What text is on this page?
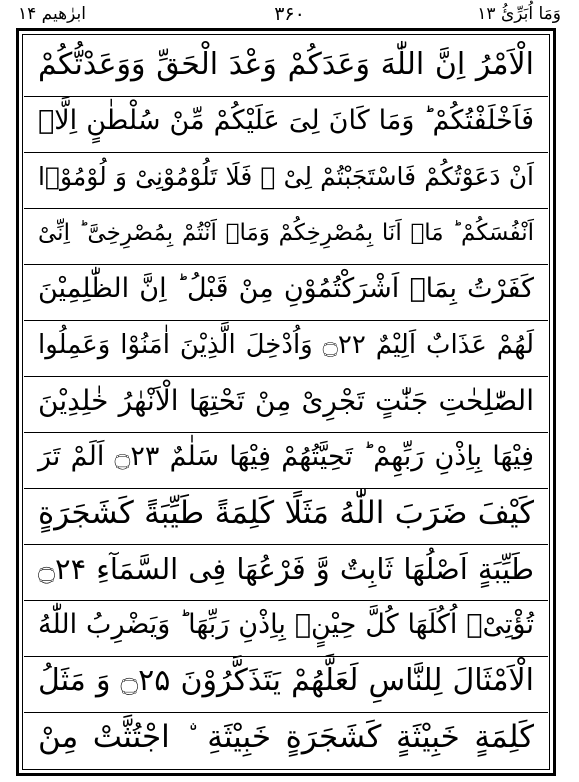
وَمَا اُبَرِّئُ ۱۳
۳۶۰
ابرٰھیم ۱۴
الْاَمْرُ اِنَّ اللّٰهَ وَعَدَكُمْ وَعْدَ الْحَقِّ وَوَعَدْتُّكُمْ
فَاَخْلَفْتُكُمْ ؕ وَمَا كَانَ لِیَ عَلَیْكُمْ مِّنْ سُلْطٰنٍ اِلَّاۤ
اَنْ دَعَوْتُكُمْ فَاسْتَجَبْتُمْ لِیْ ۚ فَلَا تَلُوْمُوْنِیْ وَ لُوْمُوْۤا
اَنْفُسَكُمْ ؕ مَاۤ اَنَا بِمُصْرِخِكُمْ وَمَاۤ اَنْتُمْ بِمُصْرِخِیَّ ؕ اِنِّیْ
كَفَرْتُ بِمَاۤ اَشْرَكْتُمُوْنِ مِنْ قَبْلُ ؕ اِنَّ الظّٰلِمِیْنَ
لَهُمْ عَذَابٌ اَلِیْمٌ ۝۲۲ وَاُدْخِلَ الَّذِیْنَ اٰمَنُوْا وَعَمِلُوا
الصّٰلِحٰتِ جَنّٰتٍ تَجْرِیْ مِنْ تَحْتِهَا الْاَنْهٰرُ خٰلِدِیْنَ
فِیْهَا بِاِذْنِ رَبِّهِمْ ؕ تَحِیَّتُهُمْ فِیْهَا سَلٰمٌ ۝۲۳ اَلَمْ تَرَ
كَیْفَ ضَرَبَ اللّٰهُ مَثَلًا كَلِمَةً طَیِّبَةً كَشَجَرَةٍ
طَیِّبَةٍ اَصْلُهَا ثَابِتٌ وَّ فَرْعُهَا فِی السَّمَآءِ ۝۲۴
تُؤْتِیْۤ اُكُلَهَا كُلَّ حِیْنٍۭ بِاِذْنِ رَبِّهَا ؕ وَیَضْرِبُ اللّٰهُ
الْاَمْثَالَ لِلنَّاسِ لَعَلَّهُمْ یَتَذَكَّرُوْنَ ۝۲۵ وَ مَثَلُ
كَلِمَةٍ خَبِیْثَةٍ كَشَجَرَةٍ خَبِیْثَةِ ۨ اجْتُثَّتْ مِنْ
